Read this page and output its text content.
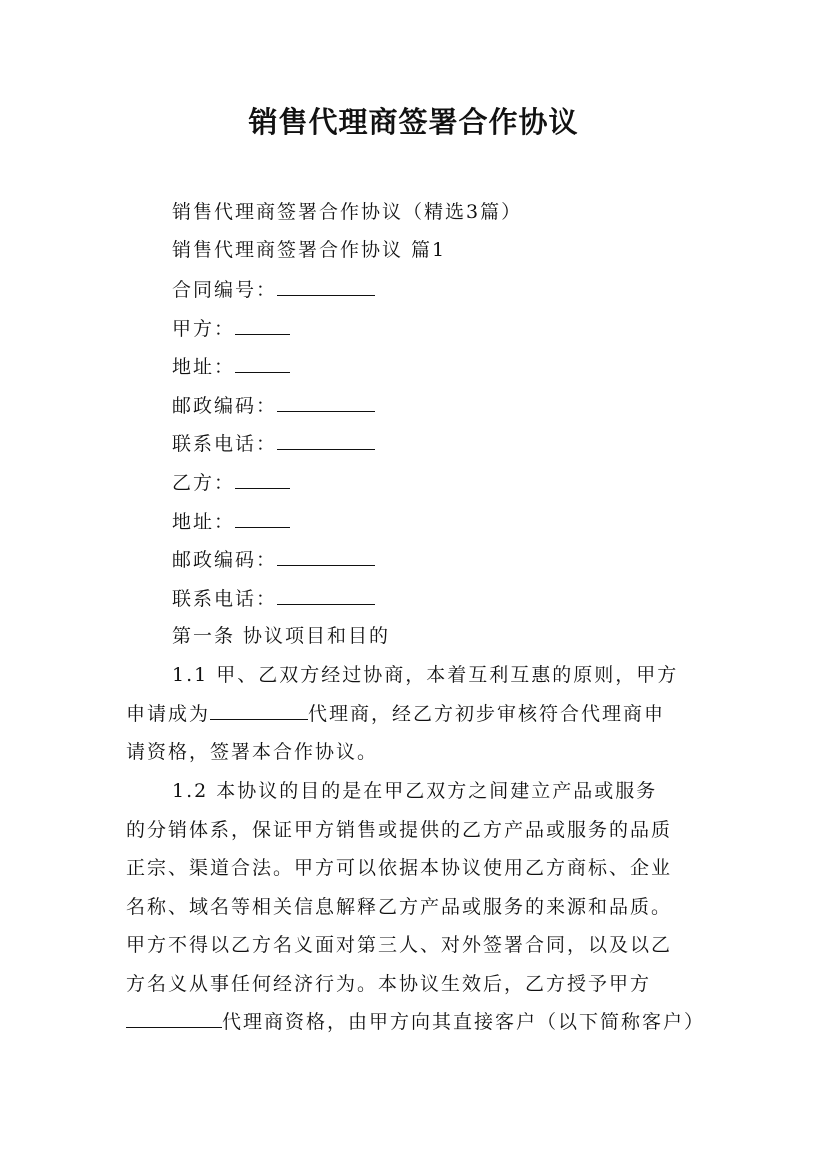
销售代理商签署合作协议
销售代理商签署合作协议（精选3篇）
销售代理商签署合作协议 篇1
合同编号：
甲方：
地址：
邮政编码：
联系电话：
乙方：
地址：
邮政编码：
联系电话：
第一条 协议项目和目的
1.1 甲、乙双方经过协商，本着互利互惠的原则，甲方
申请成为	代理商，经乙方初步审核符合代理商申
请资格，签署本合作协议。
1.2 本协议的目的是在甲乙双方之间建立产品或服务
的分销体系，保证甲方销售或提供的乙方产品或服务的品质
正宗、渠道合法。甲方可以依据本协议使用乙方商标、企业
名称、域名等相关信息解释乙方产品或服务的来源和品质。
甲方不得以乙方名义面对第三人、对外签署合同，以及以乙
方名义从事任何经济行为。本协议生效后，乙方授予甲方
代理商资格，由甲方向其直接客户（以下简称客户）
